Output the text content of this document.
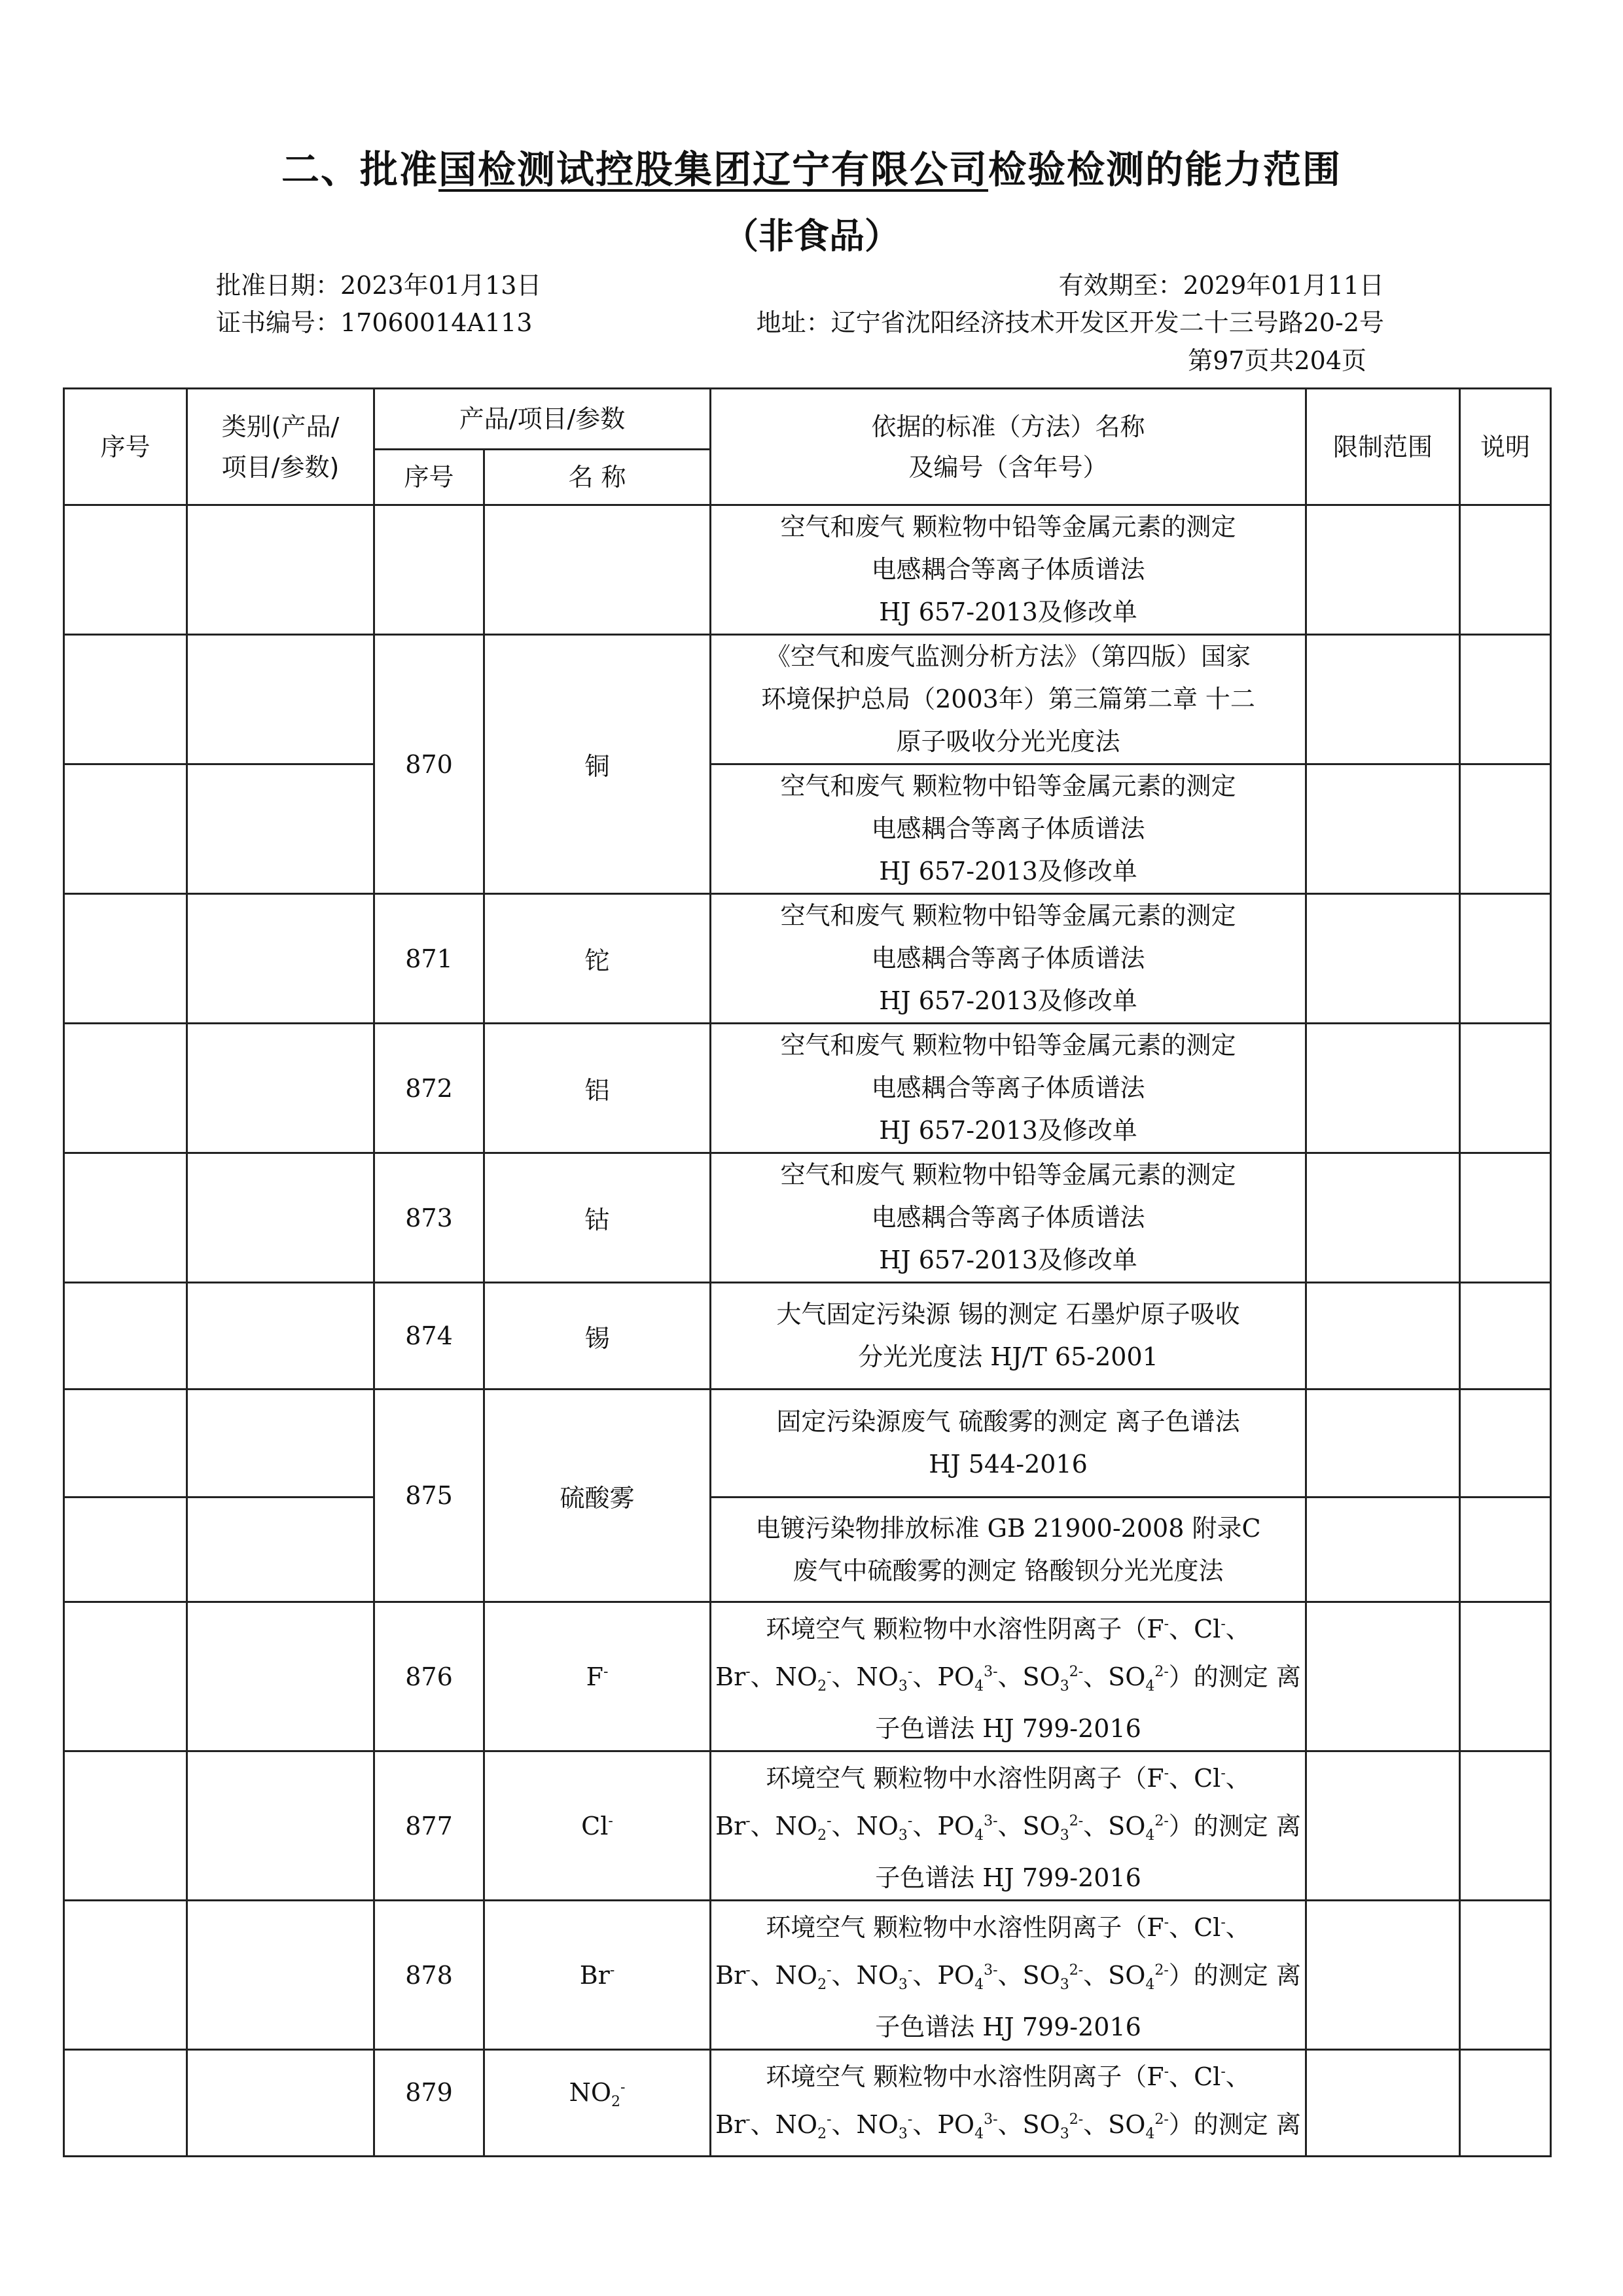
二、批准国检测试控股集团辽宁有限公司检验检测的能力范围
（非食品）
批准日期：2023年01月13日	有效期至：2029年01月11日
证书编号：17060014A113	地址：辽宁省沈阳经济技术开发区开发二十三号路20-2号
第97页共204页
序号	类别(产品/项目/参数)	产品/项目/参数		依据的标准（方法）名称
及编号（含年号）	限制范围	说明
		序号	名 称			

				空气和废气 颗粒物中铅等金属元素的测定
电感耦合等离子体质谱法
HJ 657-2013及修改单		

		870	铜	《空气和废气监测分析方法》（第四版）国家
环境保护总局（2003年）第三篇第二章 十二
原子吸收分光光度法		

				空气和废气 颗粒物中铅等金属元素的测定
电感耦合等离子体质谱法
HJ 657-2013及修改单		

		871	铊	空气和废气 颗粒物中铅等金属元素的测定
电感耦合等离子体质谱法
HJ 657-2013及修改单		

		872	铝	空气和废气 颗粒物中铅等金属元素的测定
电感耦合等离子体质谱法
HJ 657-2013及修改单		

		873	钴	空气和废气 颗粒物中铅等金属元素的测定
电感耦合等离子体质谱法
HJ 657-2013及修改单		

		874	锡	大气固定污染源 锡的测定 石墨炉原子吸收
分光光度法 HJ/T 65-2001		

		875	硫酸雾	固定污染源废气 硫酸雾的测定 离子色谱法
HJ 544-2016		

				电镀污染物排放标准 GB 21900-2008 附录C
废气中硫酸雾的测定 铬酸钡分光光度法		

		876	F-	环境空气 颗粒物中水溶性阴离子（F-、Cl-、
Br-、$NO_2^-$、$NO_3^-$、$PO_4^{3-}$、$SO_3^{2-}$、$SO_4^{2-}$）的测定 离
子色谱法 HJ 799-2016		

		877	Cl-	环境空气 颗粒物中水溶性阴离子（F-、Cl-、
Br-、$NO_2^-$、$NO_3^-$、$PO_4^{3-}$、$SO_3^{2-}$、$SO_4^{2-}$）的测定 离
子色谱法 HJ 799-2016		

		878	Br-	环境空气 颗粒物中水溶性阴离子（F-、Cl-、
Br-、$NO_2^-$、$NO_3^-$、$PO_4^{3-}$、$SO_3^{2-}$、$SO_4^{2-}$）的测定 离
子色谱法 HJ 799-2016		

		879	$NO_2^-$	环境空气 颗粒物中水溶性阴离子（F-、Cl-、
Br-、$NO_2^-$、$NO_3^-$、$PO_4^{3-}$、$SO_3^{2-}$、$SO_4^{2-}$）的测定 离		
